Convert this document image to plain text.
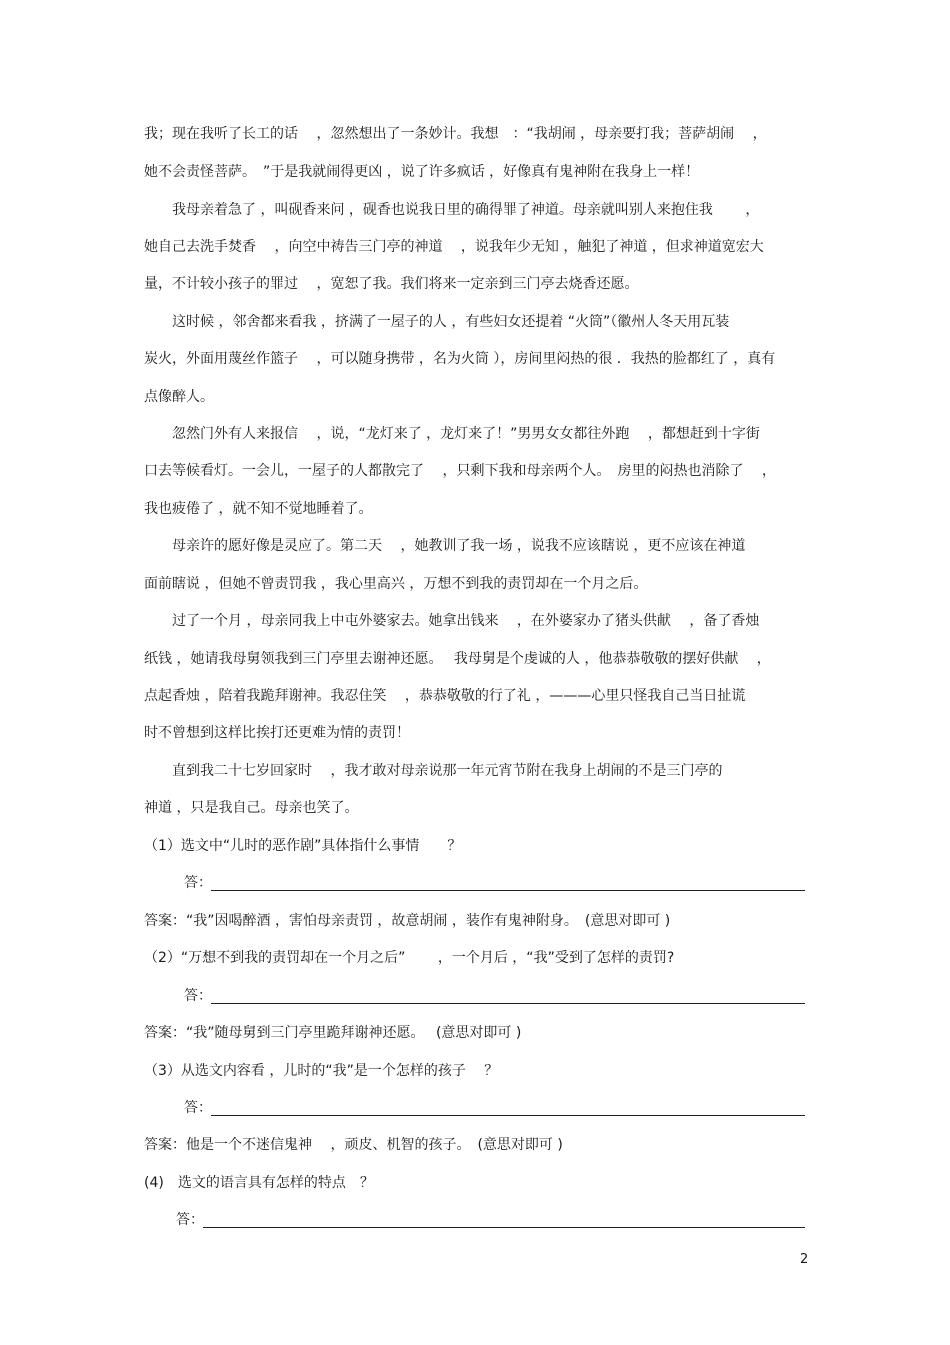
我；现在我听了长工的话　 ，忽然想出了一条妙计。我想　：“我胡闹 ，母亲要打我；菩萨胡闹　 ，
她不会责怪菩萨。　”于是我就闹得更凶 ，说了许多疯话 ，好像真有鬼神附在我身上一样！
　　我母亲着急了 ，叫砚香来问 ，砚香也说我日里的确得罪了神道。母亲就叫别人来抱住我　　 ，
她自己去洗手焚香　 ，向空中祷告三门亭的神道　 ，说我年少无知 ，触犯了神道 ，但求神道宽宏大
量，不计较小孩子的罪过　 ，宽恕了我。我们将来一定亲到三门亭去烧香还愿。
　　这时候 ，邻舍都来看我 ，挤满了一屋子的人 ，有些妇女还提着 “火筒”（徽州人冬天用瓦装
炭火，外面用蔑丝作篮子　 ，可以随身携带 ，名为火筒 ），房间里闷热的很 ．我热的脸都红了 ，真有
点像醉人。
　　忽然门外有人来报信　 ，说，“龙灯来了 ，龙灯来了！”男男女女都往外跑　 ，都想赶到十字街
口去等候看灯。一会儿，一屋子的人都散完了　 ，只剩下我和母亲两个人。　房里的闷热也消除了　 ，
我也疲倦了 ，就不知不觉地睡着了。
　　母亲许的愿好像是灵应了。第二天　 ，她教训了我一场 ，说我不应该瞎说 ，更不应该在神道
面前瞎说 ，但她不曾责罚我 ，我心里高兴 ，万想不到我的责罚却在一个月之后。
　　过了一个月 ，母亲同我上中屯外婆家去。她拿出钱来　 ，在外婆家办了猪头供献　 ，备了香烛
纸钱 ，她请我母舅领我到三门亭里去谢神还愿。　 我母舅是个虔诚的人 ，他恭恭敬敬的摆好供献　 ，
点起香烛 ，陪着我跪拜谢神。我忍住笑　 ，恭恭敬敬的行了礼 ，———心里只怪我自己当日扯谎
时不曾想到这样比挨打还更难为情的责罚！
　　直到我二十七岁回家时　 ，我才敢对母亲说那一年元宵节附在我身上胡闹的不是三门亭的
神道 ，只是我自己。母亲也笑了。
（1）选文中“儿时的恶作剧”具体指什么事情　　？
答：
答案：“我”因喝醉酒 ，害怕母亲责罚 ，故意胡闹 ，装作有鬼神附身。　(意思对即可 )
（2）“万想不到我的责罚却在一个月之后”　　 ，一个月后 ，“我”受到了怎样的责罚?
答：
答案：“我”随母舅到三门亭里跪拜谢神还愿。　 (意思对即可 )
（3）从选文内容看 ，儿时的“我”是一个怎样的孩子　 ？
答：
答案：他是一个不迷信鬼神　 ，顽皮、机智的孩子。　(意思对即可 )
(4)　选文的语言具有怎样的特点　？
答：
2
